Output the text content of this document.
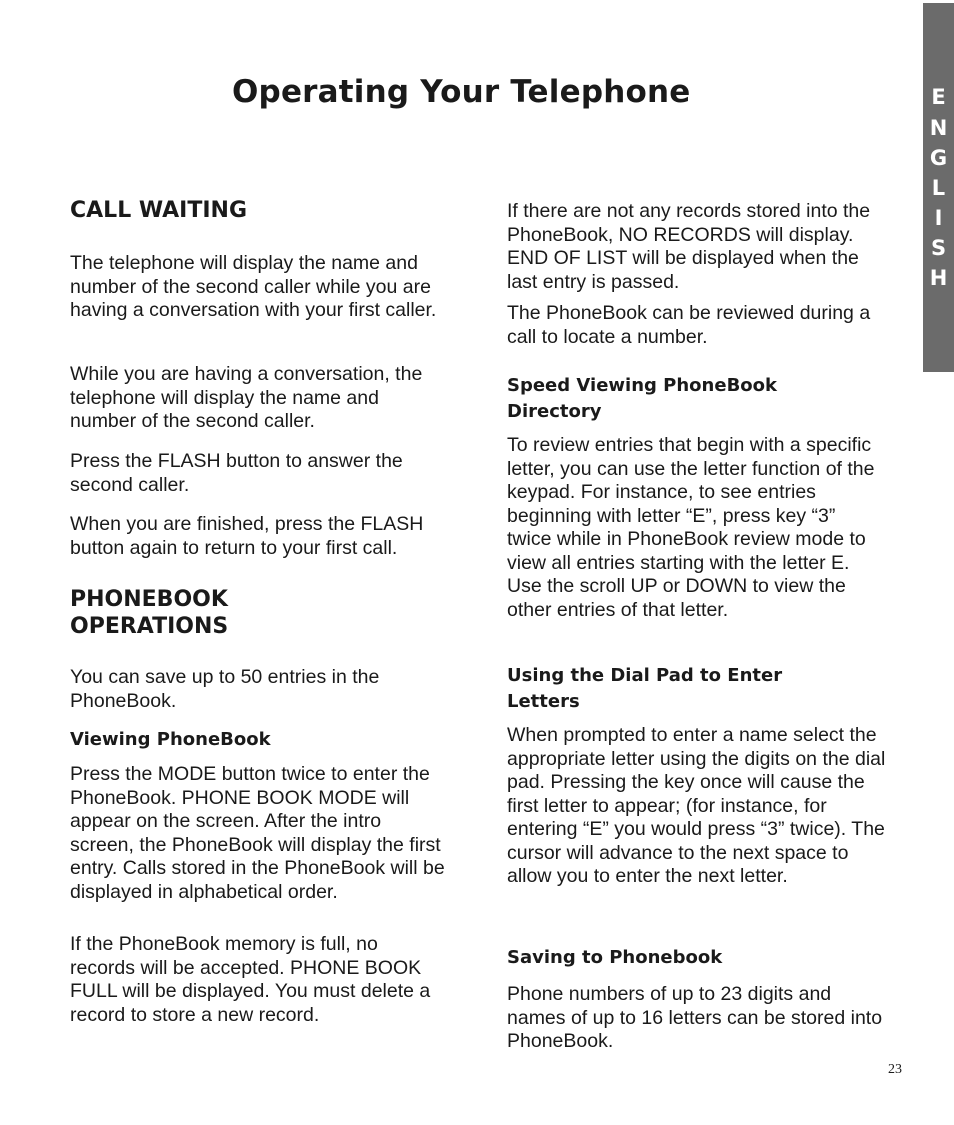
Operating Your Telephone	E
N
G
L
I
S
H
CALL WAITING

The telephone will display the name and number of the second caller while you are having a conversation with your first caller.

While you are having a conversation, the telephone will display the name and number of the second caller.

Press the FLASH button to answer the second caller.

When you are finished, press the FLASH button again to return to your first call.

PHONEBOOK
OPERATIONS

You can save up to 50 entries in the PhoneBook.

Viewing PhoneBook

Press the MODE button twice to enter the PhoneBook. PHONE BOOK MODE will appear on the screen. After the intro screen, the PhoneBook will display the first entry. Calls stored in the PhoneBook will be displayed in alphabetical order.

If the PhoneBook memory is full, no records will be accepted. PHONE BOOK FULL will be displayed. You must delete a record to store a new record.

If there are not any records stored into the PhoneBook, NO RECORDS will display. END OF LIST will be displayed when the last entry is passed.

The PhoneBook can be reviewed during a call to locate a number.

Speed Viewing PhoneBook Directory

To review entries that begin with a specific letter, you can use the letter function of the keypad. For instance, to see entries beginning with letter “E”, press key “3” twice while in PhoneBook review mode to view all entries starting with the letter E. Use the scroll UP or DOWN to view the other entries of that letter.

Using the Dial Pad to Enter Letters

When prompted to enter a name select the appropriate letter using the digits on the dial pad. Pressing the key once will cause the first letter to appear; (for instance, for entering “E” you would press “3” twice). The cursor will advance to the next space to allow you to enter the next letter.

Saving to Phonebook

Phone numbers of up to 23 digits and names of up to 16 letters can be stored into PhoneBook.

23
